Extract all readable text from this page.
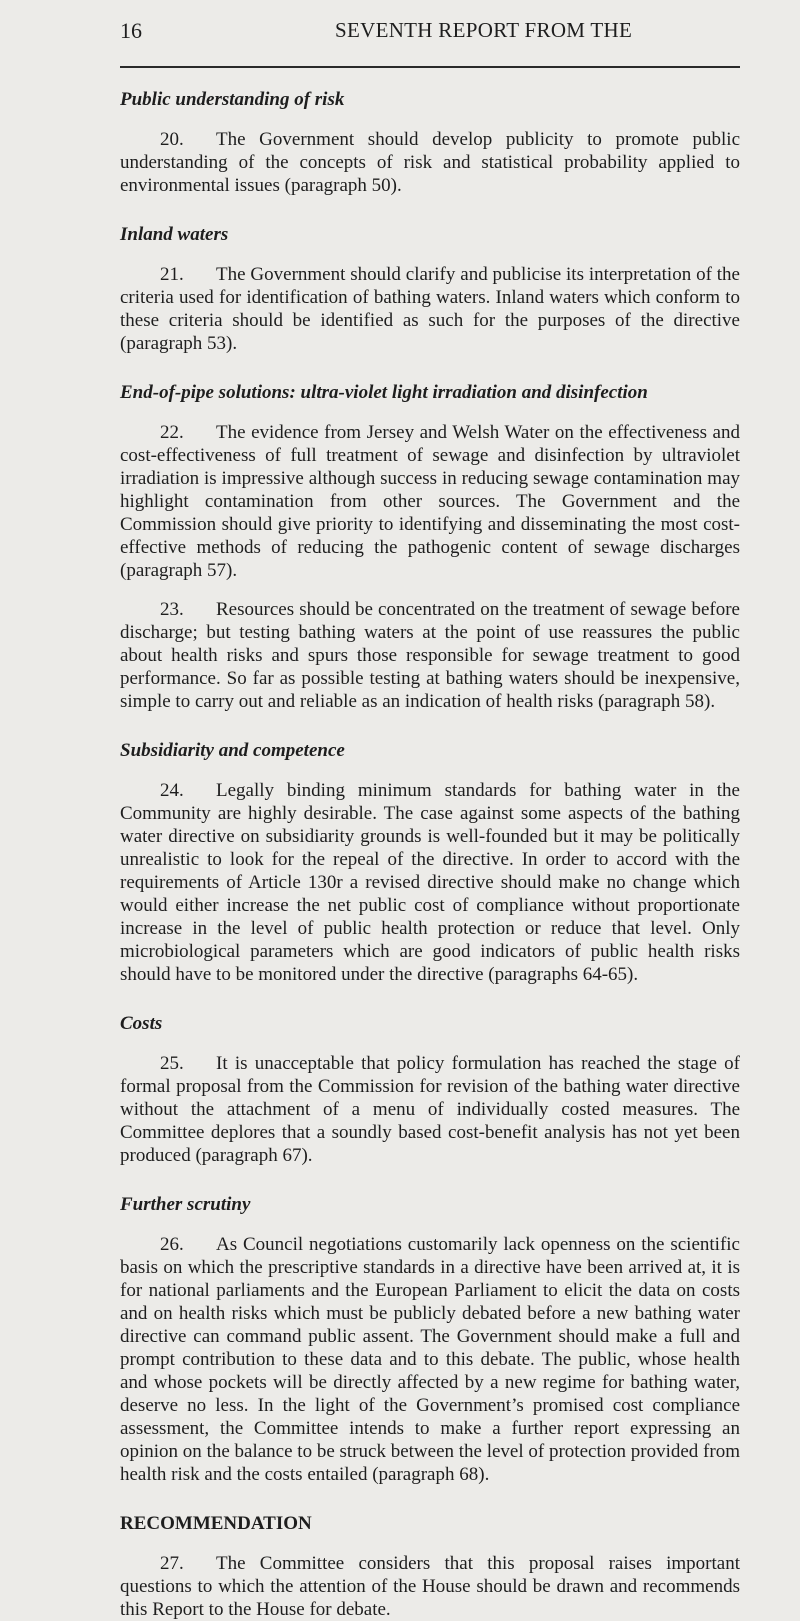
16	SEVENTH REPORT FROM THE
Public understanding of risk

20. The Government should develop publicity to promote public understanding of the concepts of risk and statistical probability applied to environmental issues (paragraph 50).

Inland waters

21. The Government should clarify and publicise its interpretation of the criteria used for identification of bathing waters. Inland waters which conform to these criteria should be identified as such for the purposes of the directive (paragraph 53).

End-of-pipe solutions: ultra-violet light irradiation and disinfection

22. The evidence from Jersey and Welsh Water on the effectiveness and cost-effectiveness of full treatment of sewage and disinfection by ultraviolet irradiation is impressive although success in reducing sewage contamination may highlight contamination from other sources. The Government and the Commission should give priority to identifying and disseminating the most cost-effective methods of reducing the pathogenic content of sewage discharges (paragraph 57).

23. Resources should be concentrated on the treatment of sewage before discharge; but testing bathing waters at the point of use reassures the public about health risks and spurs those responsible for sewage treatment to good performance. So far as possible testing at bathing waters should be inexpensive, simple to carry out and reliable as an indication of health risks (paragraph 58).

Subsidiarity and competence

24. Legally binding minimum standards for bathing water in the Community are highly desirable. The case against some aspects of the bathing water directive on subsidiarity grounds is well-founded but it may be politically unrealistic to look for the repeal of the directive. In order to accord with the requirements of Article 130r a revised directive should make no change which would either increase the net public cost of compliance without proportionate increase in the level of public health protection or reduce that level. Only microbiological parameters which are good indicators of public health risks should have to be monitored under the directive (paragraphs 64-65).

Costs

25. It is unacceptable that policy formulation has reached the stage of formal proposal from the Commission for revision of the bathing water directive without the attachment of a menu of individually costed measures. The Committee deplores that a soundly based cost-benefit analysis has not yet been produced (paragraph 67).

Further scrutiny

26. As Council negotiations customarily lack openness on the scientific basis on which the prescriptive standards in a directive have been arrived at, it is for national parliaments and the European Parliament to elicit the data on costs and on health risks which must be publicly debated before a new bathing water directive can command public assent. The Government should make a full and prompt contribution to these data and to this debate. The public, whose health and whose pockets will be directly affected by a new regime for bathing water, deserve no less. In the light of the Government’s promised cost compliance assessment, the Committee intends to make a further report expressing an opinion on the balance to be struck between the level of protection provided from health risk and the costs entailed (paragraph 68).

RECOMMENDATION

27. The Committee considers that this proposal raises important questions to which the attention of the House should be drawn and recommends this Report to the House for debate.
